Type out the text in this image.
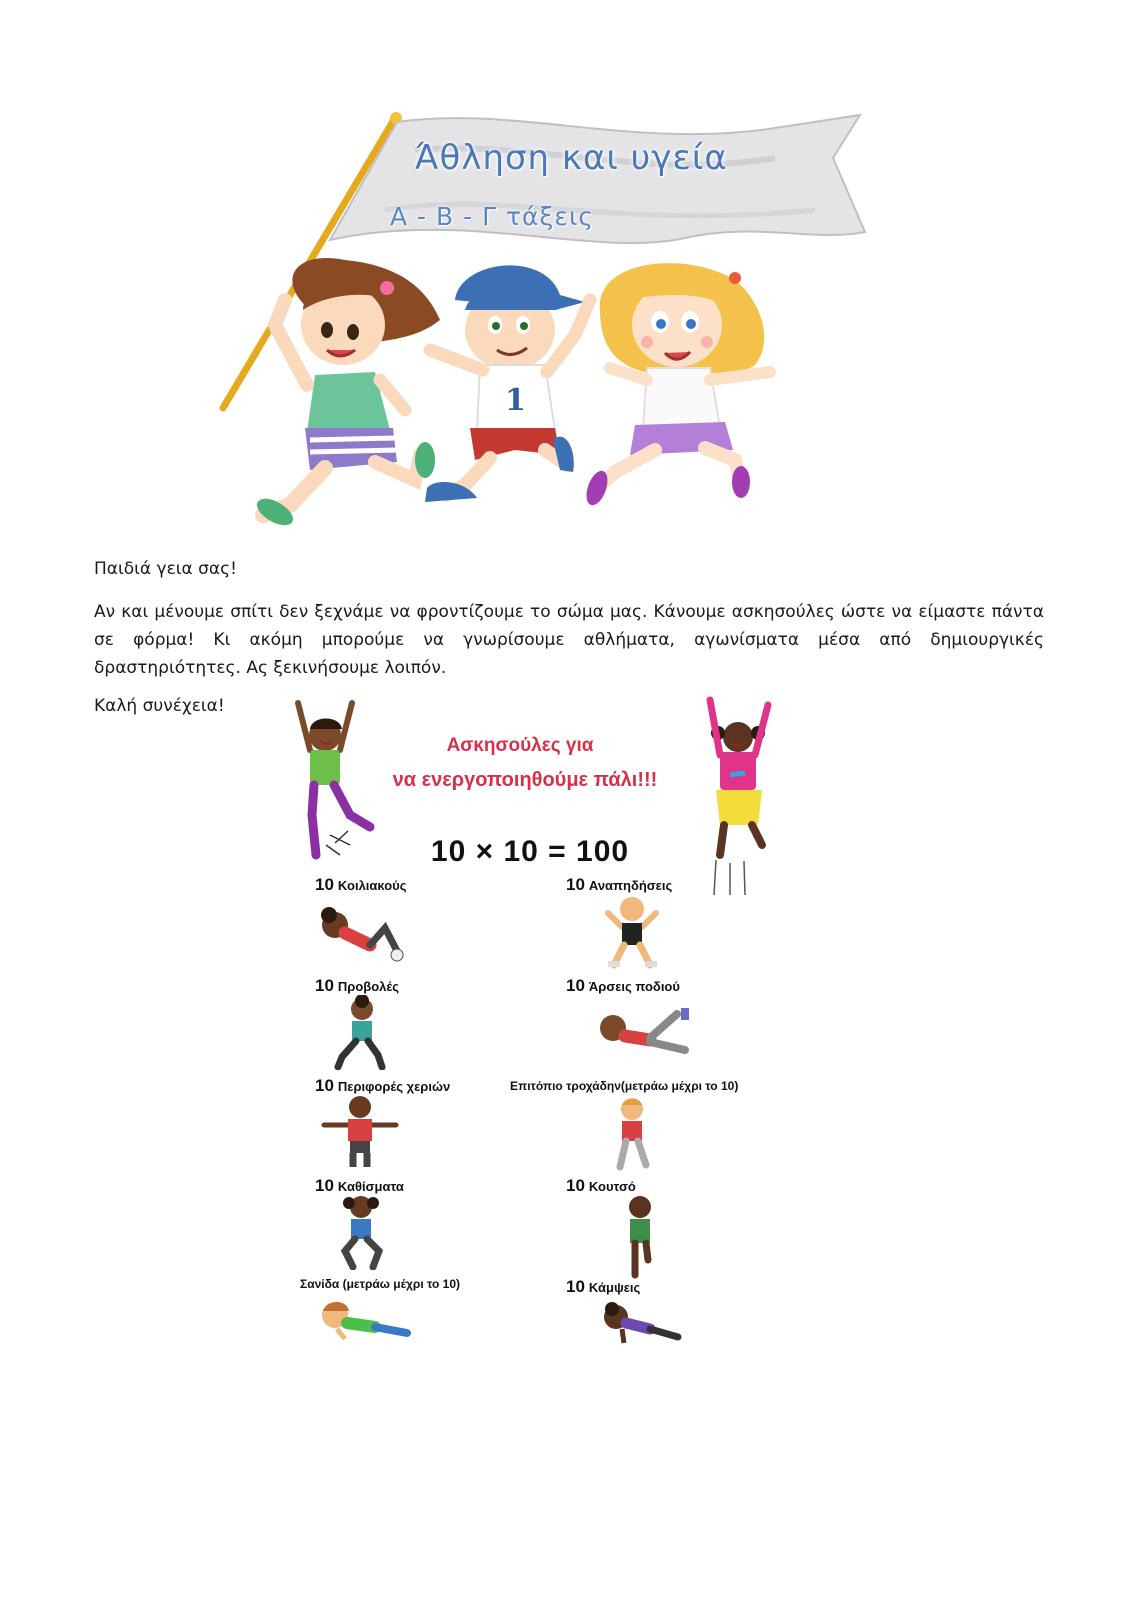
1
Άθληση και υγεία
Α - Β - Γ τάξεις

Παιδιά γεια σας!

Αν και μένουμε σπίτι δεν ξεχνάμε να φροντίζουμε το σώμα μας. Κάνουμε ασκησούλες ώστε να είμαστε πάντα σε φόρμα! Κι ακόμη μπορούμε να γνωρίσουμε αθλήματα, αγωνίσματα μέσα από δημιουργικές δραστηριότητες. Ας ξεκινήσουμε λοιπόν.

Καλή συνέχεια!

Ασκησούλες για
να ενεργοποιηθούμε πάλι!!!
10 × 10 = 100
10 Κοιλιακούς	10 Αναπηδήσεις
10 Προβολές	10 Άρσεις ποδιού
10 Περιφορές χεριών	Επιτόπιο τροχάδην(μετράω μέχρι το 10)
10 Καθίσματα	10 Κουτσό
Σανίδα (μετράω μέχρι το 10)	10 Κάμψεις
